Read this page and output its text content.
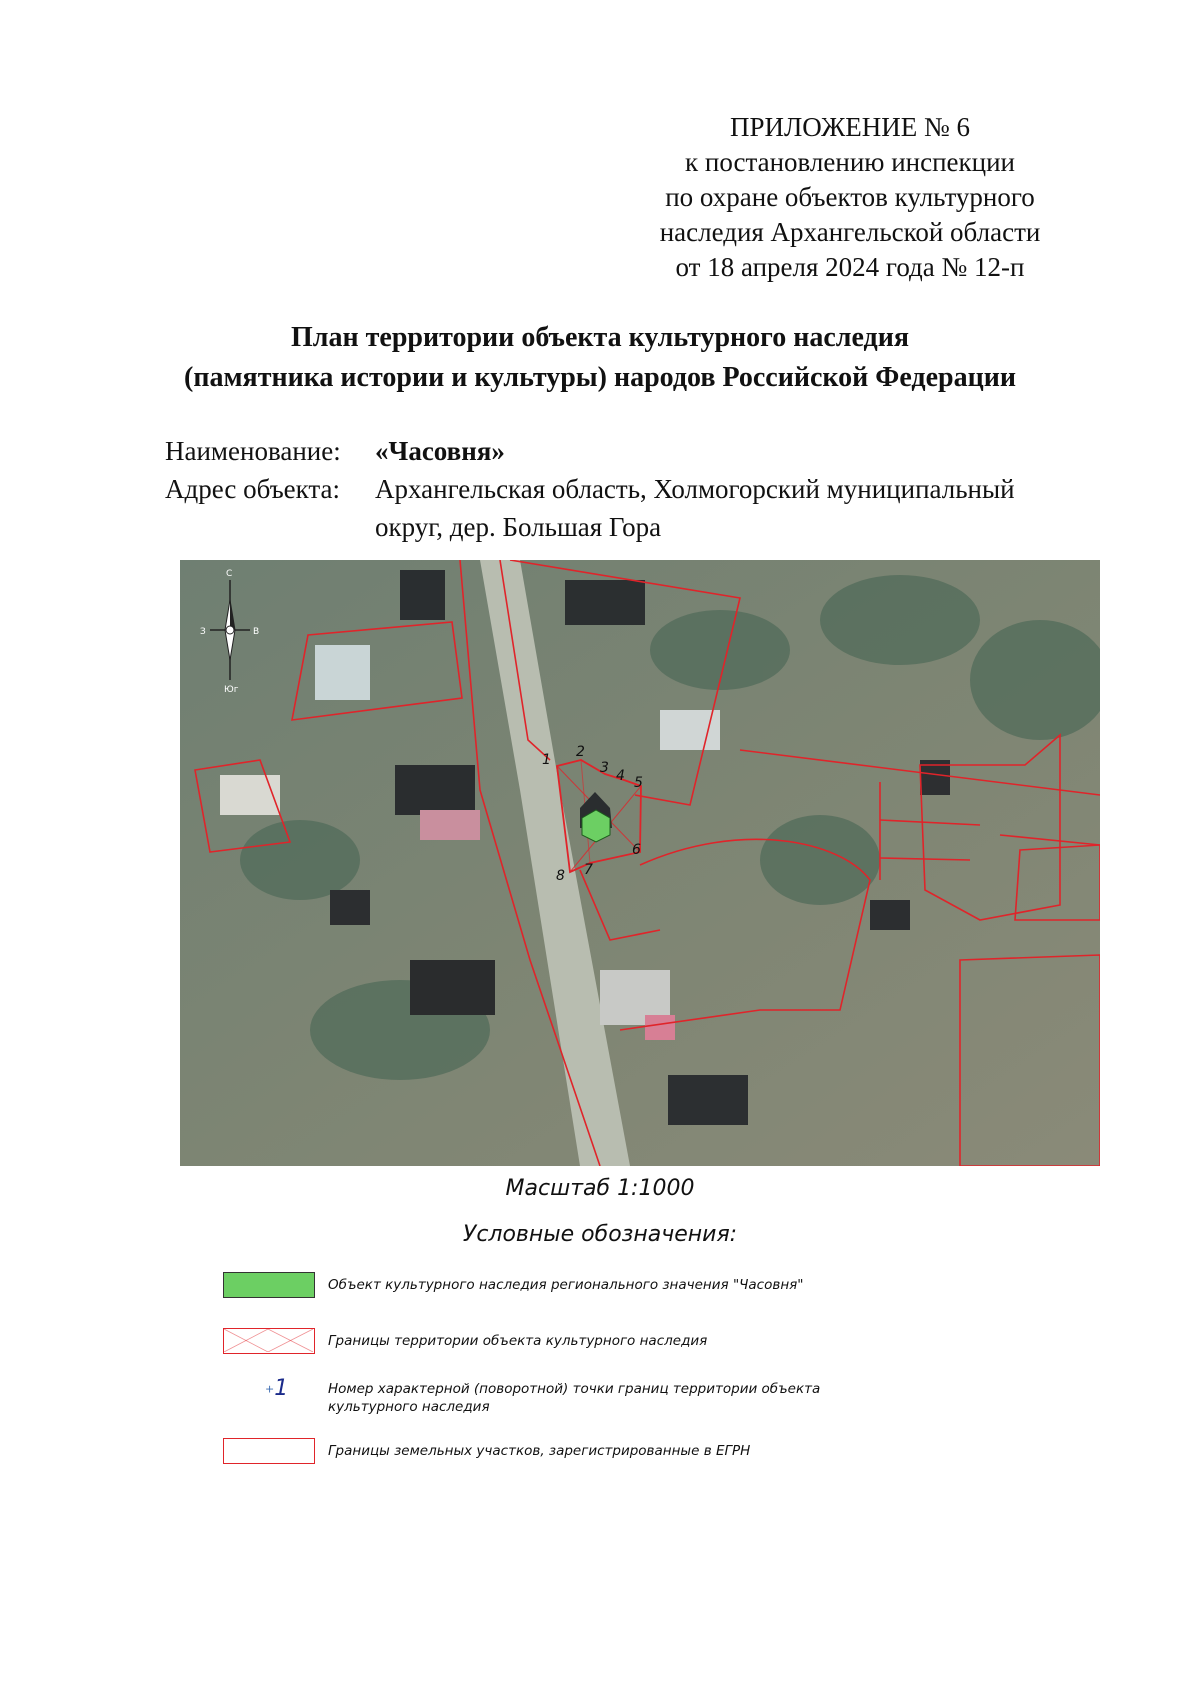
ПРИЛОЖЕНИЕ № 6
к постановлению инспекции
по охране объектов культурного
наследия Архангельской области
от 18 апреля 2024 года № 12-п
План территории объекта культурного наследия
(памятника истории и культуры) народов Российской Федерации
Наименование:	«Часовня»
Адрес объекта:	Архангельская область, Холмогорский муниципальный округ, дер. Большая Гора
1 2
3 4 5
6
7
8
С
Юг
З	В
Масштаб 1:1000
Условные обозначения:
Объект культурного наследия регионального значения "Часовня"
Границы территории объекта культурного наследия
+1	Номер характерной (поворотной) точки границ территории объекта культурного наследия
Границы земельных участков, зарегистрированные в ЕГРН
